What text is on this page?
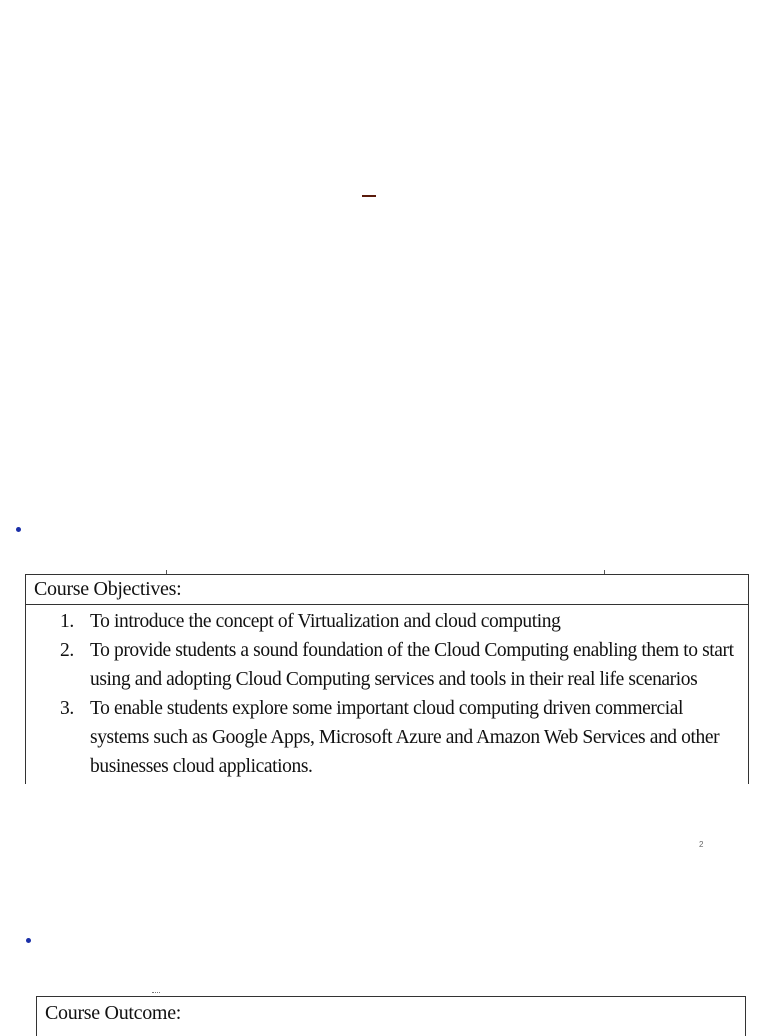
Course Objectives:
1. To introduce the concept of Virtualization and cloud computing
2. To provide students a sound foundation of the Cloud Computing enabling them to start using and adopting Cloud Computing services and tools in their real life scenarios
3. To enable students explore some important cloud computing driven commercial systems such as Google Apps, Microsoft Azure and Amazon Web Services and other businesses cloud applications.
2
Course Outcome:
